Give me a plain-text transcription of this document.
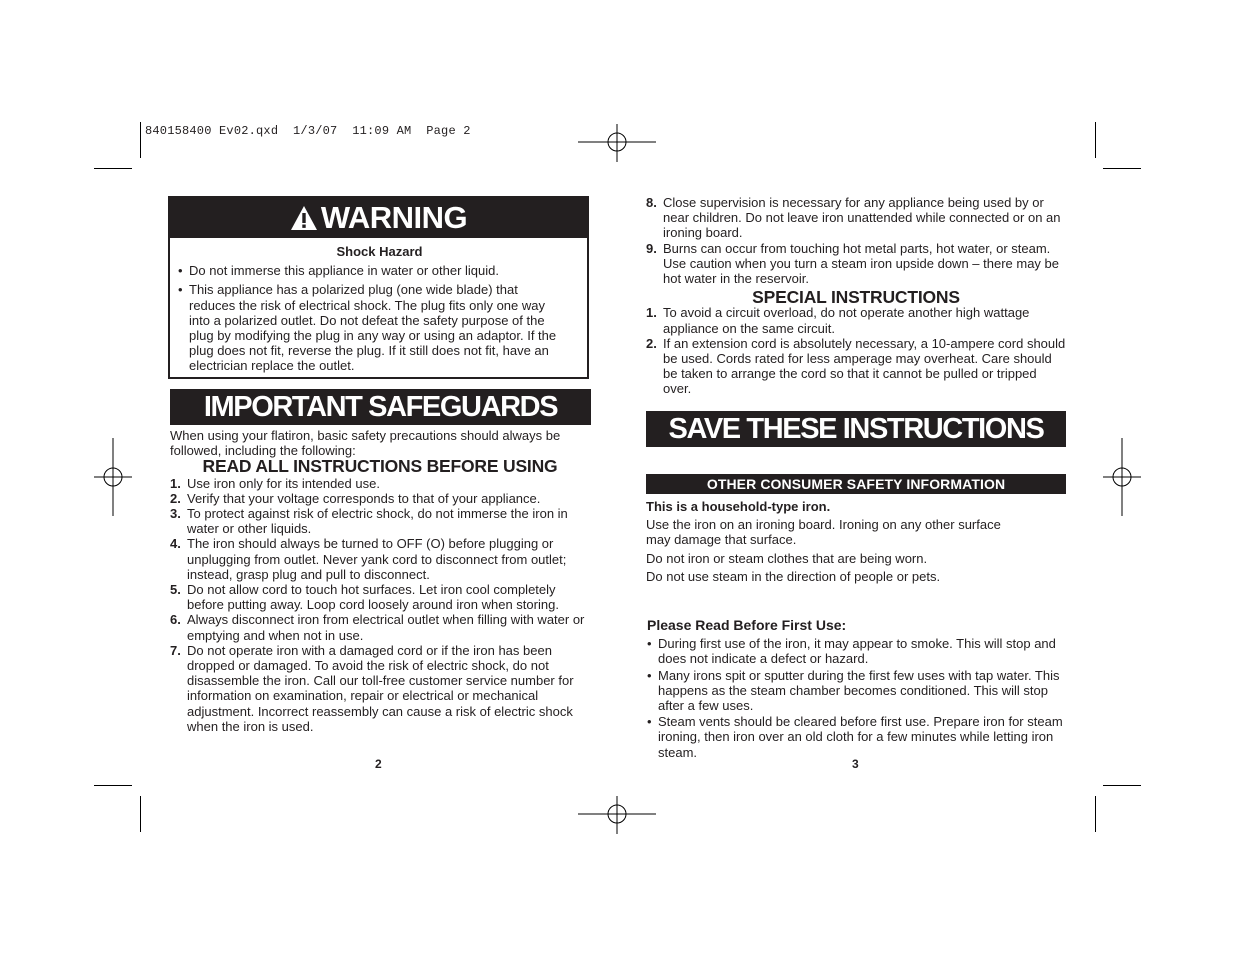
840158400 Ev02.qxd  1/3/07  11:09 AM  Page 2
WARNING
Shock Hazard
• Do not immerse this appliance in water or other liquid.
• This appliance has a polarized plug (one wide blade) that reduces the risk of electrical shock. The plug fits only one way into a polarized outlet. Do not defeat the safety purpose of the plug by modifying the plug in any way or using an adaptor. If the plug does not fit, reverse the plug. If it still does not fit, have an electrician replace the outlet.
IMPORTANT SAFEGUARDS

When using your flatiron, basic safety precautions should always be followed, including the following:

READ ALL INSTRUCTIONS BEFORE USING
1. Use iron only for its intended use.
2. Verify that your voltage corresponds to that of your appliance.
3. To protect against risk of electric shock, do not immerse the iron in water or other liquids.
4. The iron should always be turned to OFF (O) before plugging or unplugging from outlet. Never yank cord to disconnect from outlet; instead, grasp plug and pull to disconnect.
5. Do not allow cord to touch hot surfaces. Let iron cool completely before putting away. Loop cord loosely around iron when storing.
6. Always disconnect iron from electrical outlet when filling with water or emptying and when not in use.
7. Do not operate iron with a damaged cord or if the iron has been dropped or damaged. To avoid the risk of electric shock, do not disassemble the iron. Call our toll-free customer service number for information on examination, repair or electrical or mechanical adjustment. Incorrect reassembly can cause a risk of electric shock when the iron is used.
2
8. Close supervision is necessary for any appliance being used by or near children. Do not leave iron unattended while connected or on an ironing board.
9. Burns can occur from touching hot metal parts, hot water, or steam. Use caution when you turn a steam iron upside down – there may be hot water in the reservoir.
SPECIAL INSTRUCTIONS
1. To avoid a circuit overload, do not operate another high wattage appliance on the same circuit.
2. If an extension cord is absolutely necessary, a 10-ampere cord should be used. Cords rated for less amperage may overheat. Care should be taken to arrange the cord so that it cannot be pulled or tripped over.
SAVE THESE INSTRUCTIONS
OTHER CONSUMER SAFETY INFORMATION

This is a household-type iron.

Use the iron on an ironing board. Ironing on any other surface may damage that surface.

Do not iron or steam clothes that are being worn.

Do not use steam in the direction of people or pets.

Please Read Before First Use:

• During first use of the iron, it may appear to smoke. This will stop and does not indicate a defect or hazard.
• Many irons spit or sputter during the first few uses with tap water. This happens as the steam chamber becomes conditioned. This will stop after a few uses.
• Steam vents should be cleared before first use. Prepare iron for steam ironing, then iron over an old cloth for a few minutes while letting iron steam.
3
